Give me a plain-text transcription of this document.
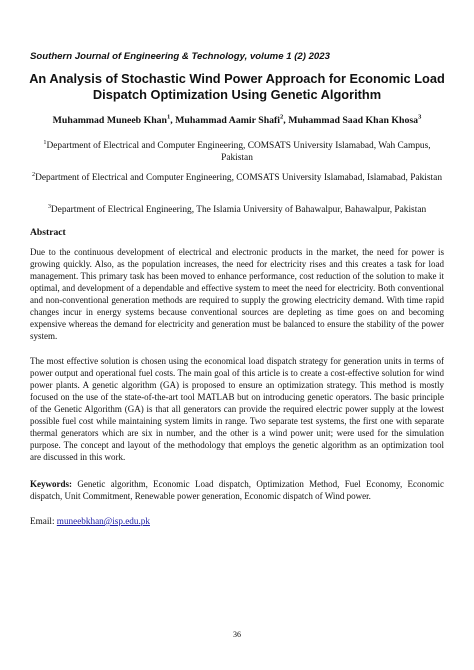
Southern Journal of Engineering & Technology, volume 1 (2) 2023
An Analysis of Stochastic Wind Power Approach for Economic Load Dispatch Optimization Using Genetic Algorithm
Muhammad Muneeb Khan$^1$, Muhammad Aamir Shafi$^2$, Muhammad Saad Khan Khosa$^3$
$^1$Department of Electrical and Computer Engineering, COMSATS University Islamabad, Wah Campus, Pakistan
$^2$Department of Electrical and Computer Engineering, COMSATS University Islamabad, Islamabad, Pakistan
$^3$Department of Electrical Engineering, The Islamia University of Bahawalpur, Bahawalpur, Pakistan
Abstract
Due to the continuous development of electrical and electronic products in the market, the need for power is growing quickly. Also, as the population increases, the need for electricity rises and this creates a task for load management. This primary task has been moved to enhance performance, cost reduction of the solution to make it optimal, and development of a dependable and effective system to meet the need for electricity. Both conventional and non-conventional generation methods are required to supply the growing electricity demand. With time rapid changes incur in energy systems because conventional sources are depleting as time goes on and becoming expensive whereas the demand for electricity and generation must be balanced to ensure the stability of the power system.
The most effective solution is chosen using the economical load dispatch strategy for generation units in terms of power output and operational fuel costs. The main goal of this article is to create a cost-effective solution for wind power plants. A genetic algorithm (GA) is proposed to ensure an optimization strategy. This method is mostly focused on the use of the state-of-the-art tool MATLAB but on introducing genetic operators. The basic principle of the Genetic Algorithm (GA) is that all generators can provide the required electric power supply at the lowest possible fuel cost while maintaining system limits in range. Two separate test systems, the first one with separate thermal generators which are six in number, and the other is a wind power unit; were used for the simulation purpose. The concept and layout of the methodology that employs the genetic algorithm as an optimization tool are discussed in this work.
Keywords: Genetic algorithm, Economic Load dispatch, Optimization Method, Fuel Economy, Economic dispatch, Unit Commitment, Renewable power generation, Economic dispatch of Wind power.
Email: muneebkhan@isp.edu.pk
36
